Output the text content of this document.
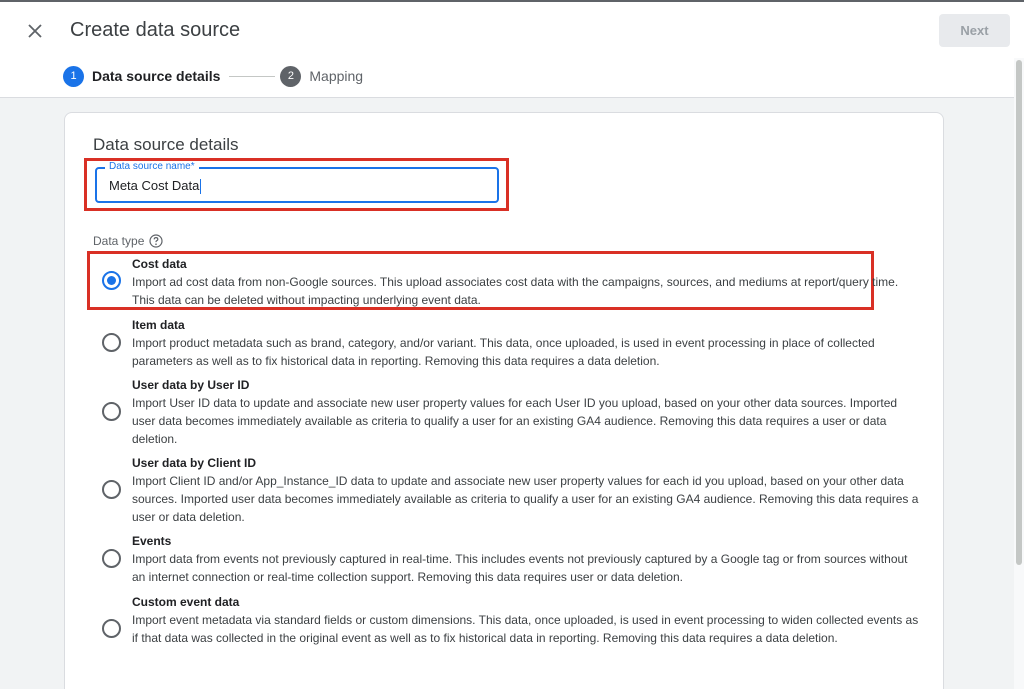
Create data source	Next
1	Data source details	2	Mapping
Data source details
Data source name*
Meta Cost Data
Data type
Cost data
Import ad cost data from non-Google sources. This upload associates cost data with the campaigns, sources, and mediums at report/query time. This data can be deleted without impacting underlying event data.
Item data
Import product metadata such as brand, category, and/or variant. This data, once uploaded, is used in event processing in place of collected parameters as well as to fix historical data in reporting. Removing this data requires a data deletion.
User data by User ID
Import User ID data to update and associate new user property values for each User ID you upload, based on your other data sources. Imported user data becomes immediately available as criteria to qualify a user for an existing GA4 audience. Removing this data requires a user or data deletion.
User data by Client ID
Import Client ID and/or App_Instance_ID data to update and associate new user property values for each id you upload, based on your other data sources. Imported user data becomes immediately available as criteria to qualify a user for an existing GA4 audience. Removing this data requires a user or data deletion.
Events
Import data from events not previously captured in real-time. This includes events not previously captured by a Google tag or from sources without an internet connection or real-time collection support. Removing this data requires user or data deletion.
Custom event data
Import event metadata via standard fields or custom dimensions. This data, once uploaded, is used in event processing to widen collected events as if that data was collected in the original event as well as to fix historical data in reporting. Removing this data requires a data deletion.
